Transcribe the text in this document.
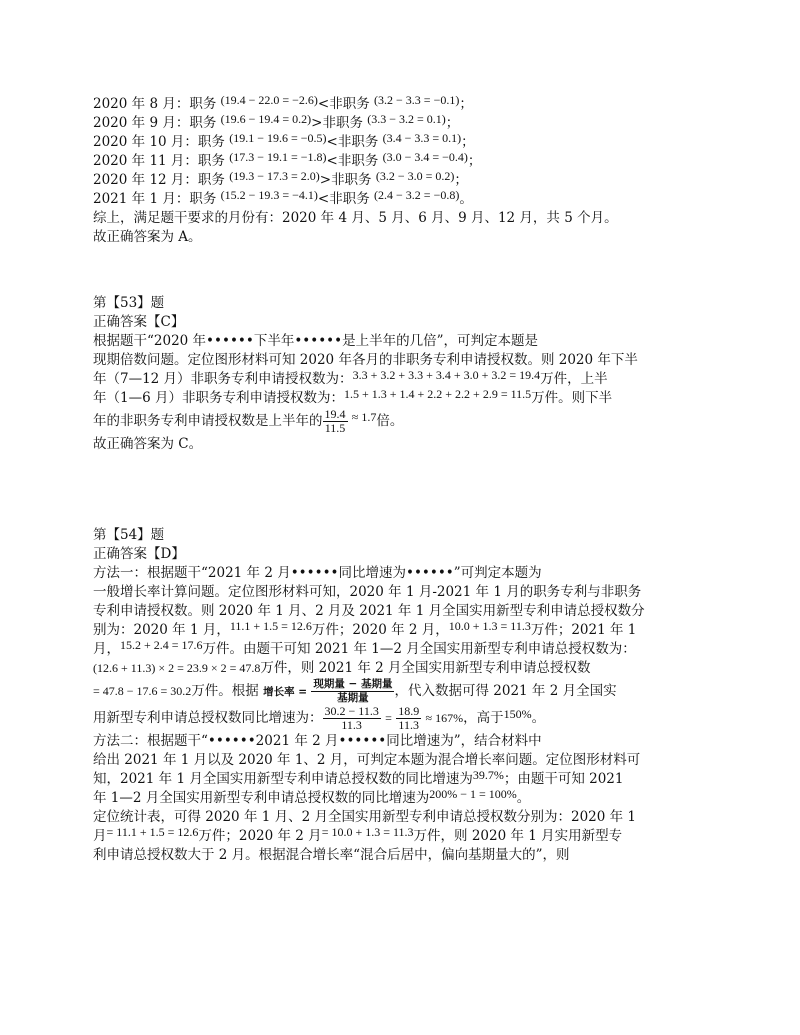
2020 年 8 月：职务 (19.4 − 22.0 = −2.6)<非职务 (3.2 − 3.3 = −0.1)；
2020 年 9 月：职务 (19.6 − 19.4 = 0.2)>非职务 (3.3 − 3.2 = 0.1)；
2020 年 10 月：职务 (19.1 − 19.6 = −0.5)<非职务 (3.4 − 3.3 = 0.1)；
2020 年 11 月：职务 (17.3 − 19.1 = −1.8)<非职务 (3.0 − 3.4 = −0.4)；
2020 年 12 月：职务 (19.3 − 17.3 = 2.0)>非职务 (3.2 − 3.0 = 0.2)；
2021 年 1 月：职务 (15.2 − 19.3 = −4.1)<非职务 (2.4 − 3.2 = −0.8)。
综上，满足题干要求的月份有：2020 年 4 月、5 月、6 月、9 月、12 月，共 5 个月。
故正确答案为 A。
第【53】题
正确答案【C】
根据题干“2020 年••••••下半年••••••是上半年的几倍”，可判定本题是
现期倍数问题。定位图形材料可知 2020 年各月的非职务专利申请授权数。则 2020 年下半
年（7—12 月）非职务专利申请授权数为：3.3 + 3.2 + 3.3 + 3.4 + 3.0 + 3.2 = 19.4万件，上半
年（1—6 月）非职务专利申请授权数为：1.5 + 1.3 + 1.4 + 2.2 + 2.2 + 2.9 = 11.5万件。则下半
年的非职务专利申请授权数是上半年的 $\frac{19.4}{11.5} \approx 1.7$倍。
故正确答案为 C。
第【54】题
正确答案【D】
方法一：根据题干“2021 年 2 月••••••同比增速为••••••”可判定本题为
一般增长率计算问题。定位图形材料可知，2020 年 1 月-2021 年 1 月的职务专利与非职务
专利申请授权数。则 2020 年 1 月、2 月及 2021 年 1 月全国实用新型专利申请总授权数分
别为：2020 年 1 月，11.1 + 1.5 = 12.6万件；2020 年 2 月，10.0 + 1.3 = 11.3万件；2021 年 1
月，15.2 + 2.4 = 17.6万件。由题干可知 2021 年 1—2 月全国实用新型专利申请总授权数为：
(12.6 + 11.3) × 2 = 23.9 × 2 = 47.8万件，则 2021 年 2 月全国实用新型专利申请总授权数
= 47.8 − 17.6 = 30.2万件。根据 增长率 = $\frac{\text{现期量 − 基期量}}{\text{基期量}}$ ，代入数据可得 2021 年 2 月全国实
用新型专利申请总授权数同比增速为： $\frac{30.2 - 11.3}{11.3} = \frac{18.9}{11.3} \approx 167\%$，高于150%。
方法二：根据题干“••••••2021 年 2 月••••••同比增速为”，结合材料中
给出 2021 年 1 月以及 2020 年 1、2 月，可判定本题为混合增长率问题。定位图形材料可
知，2021 年 1 月全国实用新型专利申请总授权数的同比增速为39.7%；由题干可知 2021
年 1—2 月全国实用新型专利申请总授权数的同比增速为200% − 1 = 100%。
定位统计表，可得 2020 年 1 月、2 月全国实用新型专利申请总授权数分别为：2020 年 1
月= 11.1 + 1.5 = 12.6万件；2020 年 2 月= 10.0 + 1.3 = 11.3万件，则 2020 年 1 月实用新型专
利申请总授权数大于 2 月。根据混合增长率“混合后居中，偏向基期量大的”，则
